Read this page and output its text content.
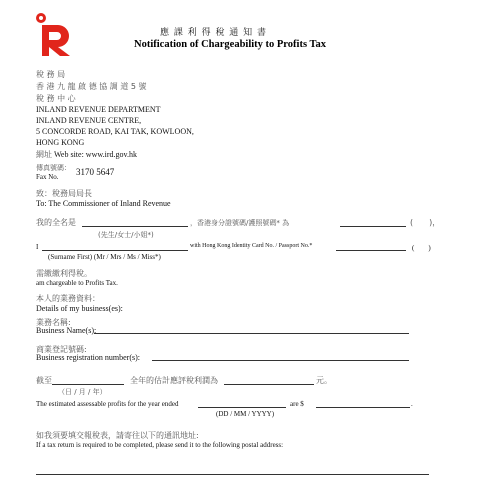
應 課 利 得 稅 通 知 書
Notification of Chargeability to Profits Tax
稅 務 局
香 港 九 龍 啟 德 協 調 道 5 號
稅 務 中 心
INLAND REVENUE DEPARTMENT
INLAND REVENUE CENTRE,
5 CONCORDE ROAD, KAI TAK, KOWLOON,
HONG KONG
網址 Web site: www.ird.gov.hk
傳真號碼：
Fax No. 3170 5647
致：稅務局局長
To: The Commissioner of Inland Revenue
我的全名是	，香港身分證號碼/護照號碼* 為	(　　)，
(先生/女士/小姐*)
I	with Hong Kong Identity Card No. / Passport No.*	(　　)
(Surname First) (Mr / Mrs / Ms / Miss*)
需繳繳利得稅。
am chargeable to Profits Tax.
本人的業務資料：
Details of my business(es):
業務名稱:
Business Name(s):
商業登記號碼:
Business registration number(s):
截至	全年的估計應評稅利潤為	元。
（日 / 月 / 年）
The estimated assessable profits for the year ended	are $	.
(DD / MM / YYYY)
如我須要填交報稅表，請寄往以下的通訊地址:
If a tax return is required to be completed, please send it to the following postal address:
